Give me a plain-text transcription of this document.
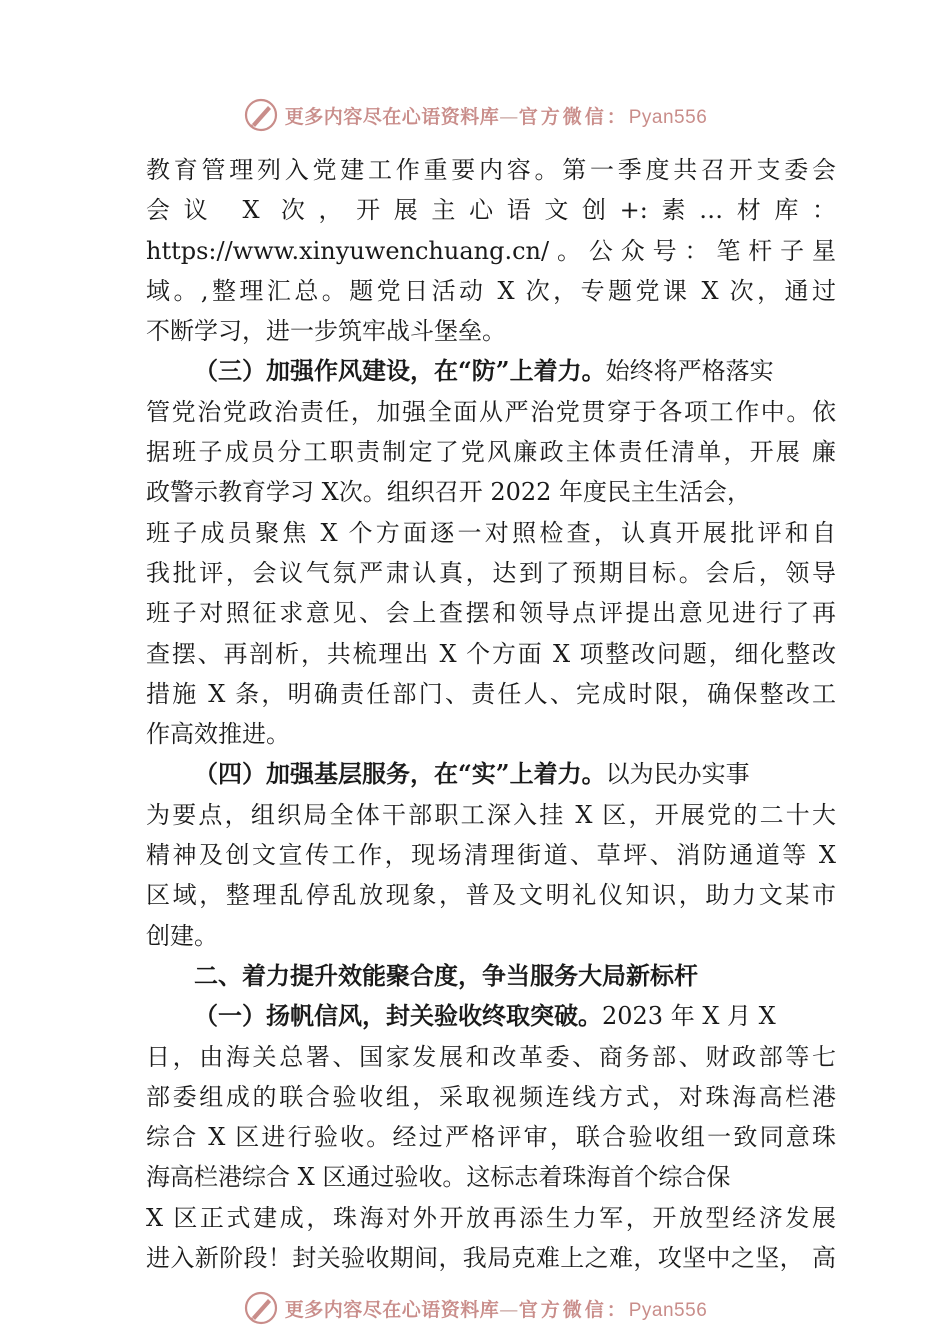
更多内容尽在心语资料库—官方微信：Pyan556
教育管理列入党建工作重要内容。第一季度共召开支委会
会议 X 次，开展主心语文创+:素…材库：
https://www.xinyuwenchuang.cn/。公众号：笔杆子星
域。,整理汇总。题党日活动 X 次，专题党课 X 次，通过
不断学习，进一步筑牢战斗堡垒。
（三）加强作风建设，在“防”上着力。始终将严格落实
管党治党政治责任，加强全面从严治党贯穿于各项工作中。依
据班子成员分工职责制定了党风廉政主体责任清单，开展 廉
政警示教育学习 X次。组织召开 2022 年度民主生活会，
班子成员聚焦 X 个方面逐一对照检查，认真开展批评和自
我批评，会议气氛严肃认真，达到了预期目标。会后，领导
班子对照征求意见、会上查摆和领导点评提出意见进行了再
查摆、再剖析，共梳理出 X 个方面 X 项整改问题，细化整改
措施 X 条，明确责任部门、责任人、完成时限，确保整改工
作高效推进。
（四）加强基层服务，在“实”上着力。以为民办实事
为要点，组织局全体干部职工深入挂 X 区，开展党的二十大
精神及创文宣传工作，现场清理街道、草坪、消防通道等 X
区域，整理乱停乱放现象，普及文明礼仪知识，助力文某市
创建。
二、着力提升效能聚合度，争当服务大局新标杆
（一）扬帆信风，封关验收终取突破。2023 年 X 月 X
日，由海关总署、国家发展和改革委、商务部、财政部等七
部委组成的联合验收组，采取视频连线方式，对珠海高栏港
综合 X 区进行验收。经过严格评审，联合验收组一致同意珠
海高栏港综合 X 区通过验收。这标志着珠海首个综合保
X 区正式建成，珠海对外开放再添生力军，开放型经济发展
进入新阶段！封关验收期间，我局克难上之难，攻坚中之坚， 高
更多内容尽在心语资料库—官方微信：Pyan556
